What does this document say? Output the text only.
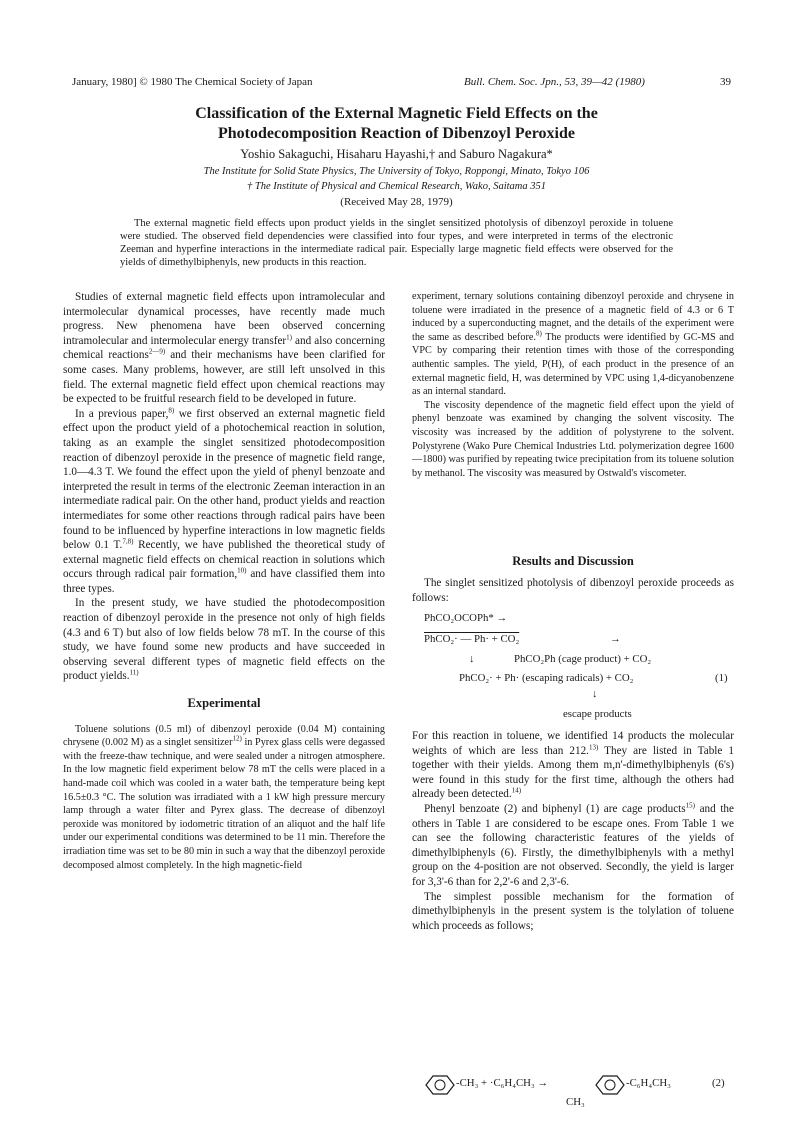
January, 1980] © 1980 The Chemical Society of Japan	Bull. Chem. Soc. Jpn., 53, 39—42 (1980)	39
Classification of the External Magnetic Field Effects on the
Photodecomposition Reaction of Dibenzoyl Peroxide
Yoshio Sakaguchi, Hisaharu Hayashi,† and Saburo Nagakura*
The Institute for Solid State Physics, The University of Tokyo, Roppongi, Minato, Tokyo 106
† The Institute of Physical and Chemical Research, Wako, Saitama 351
(Received May 28, 1979)
The external magnetic field effects upon product yields in the singlet sensitized photolysis of dibenzoyl peroxide in toluene were studied. The observed field dependencies were classified into four types, and were interpreted in terms of the electronic Zeeman and hyperfine interactions in the intermediate radical pair. Especially large magnetic field effects were observed for the yields of dimethylbiphenyls, new products in this reaction.

Studies of external magnetic field effects upon intramolecular and intermolecular dynamical processes, have recently made much progress. New phenomena have been observed concerning intramolecular and intermolecular energy transfer$^{1)}$ and also concerning chemical reactions$^{2—9)}$ and their mechanisms have been clarified for some cases. Many problems, however, are still left unsolved in this field. The external magnetic field effect upon chemical reactions may be expected to be fruitful research field to be developed in future.

In a previous paper,$^{8)}$ we first observed an external magnetic field effect upon the product yield of a photochemical reaction in solution, taking as an example the singlet sensitized photodecomposition reaction of dibenzoyl peroxide in the presence of magnetic field range, 1.0—4.3 T. We found the effect upon the yield of phenyl benzoate and interpreted the result in terms of the electronic Zeeman interaction in an intermediate radical pair. On the other hand, product yields and reaction intermediates for some other reactions through radical pairs have been found to be influenced by hyperfine interactions in low magnetic fields below 0.1 T.$^{7,8)}$ Recently, we have published the theoretical study of external magnetic field effects on chemical reaction in solutions which occurs through radical pair formation,$^{10)}$ and have classified them into three types.

In the present study, we have studied the photodecomposition reaction of dibenzoyl peroxide in the presence not only of high fields (4.3 and 6 T) but also of low fields below 78 mT. In the course of this study, we have found some new products and have succeeded in observing several different types of magnetic field effects on the product yields.$^{11)}$

Experimental

Toluene solutions (0.5 ml) of dibenzoyl peroxide (0.04 M) containing chrysene (0.002 M) as a singlet sensitizer$^{12)}$ in Pyrex glass cells were degassed with the freeze-thaw technique, and were sealed under a nitrogen atmosphere. In the low magnetic field experiment below 78 mT the cells were placed in a hand-made coil which was cooled in a water bath, the temperature being kept 16.5±0.3 °C. The solution was irradiated with a 1 kW high pressure mercury lamp through a water filter and Pyrex glass. The decrease of dibenzoyl peroxide was monitored by iodometric titration of an aliquot and the half life under our experimental conditions was determined to be 11 min. Therefore the irradiation time was set to be 80 min in such a way that the dibenzoyl peroxide decomposed almost completely. In the high magnetic-field

experiment, ternary solutions containing dibenzoyl peroxide and chrysene in toluene were irradiated in the presence of a magnetic field of 4.3 or 6 T induced by a superconducting magnet, and the details of the experiment were the same as described before.$^{8)}$ The products were identified by GC-MS and VPC by comparing their retention times with those of the corresponding authentic samples. The yield, P(H), of each product in the presence of an external magnetic field, H, was determined by VPC using 1,4-dicyanobenzene as an internal standard.

The viscosity dependence of the magnetic field effect upon the yield of phenyl benzoate was examined by changing the solvent viscosity. The viscosity was increased by the addition of polystyrene to the solvent. Polystyrene (Wako Pure Chemical Industries Ltd. polymerization degree 1600—1800) was purified by repeating twice precipitation from its toluene solution by methanol. The viscosity was measured by Ostwald's viscometer.

Results and Discussion

The singlet sensitized photolysis of dibenzoyl peroxide proceeds as follows:

PhCO₂OCOPh* →
PhCO₂· — Ph· + CO₂	→
↓	PhCO₂Ph (cage product) + CO₂
PhCO₂· + Ph· (escaping radicals) + CO₂	(1)
↓
escape products

For this reaction in toluene, we identified 14 products the molecular weights of which are less than 212.$^{13)}$ They are listed in Table 1 together with their yields. Among them m,n'-dimethylbiphenyls (6's) were found in this study for the first time, although the others had already been detected.$^{14)}$

Phenyl benzoate (2) and biphenyl (1) are cage products$^{15)}$ and the others in Table 1 are considered to be escape ones. From Table 1 we can see the following characteristic features of the yields of dimethylbiphenyls (6). Firstly, the dimethylbiphenyls with a methyl group on the 4-position are not observed. Secondly, the yield is larger for 3,3'-6 than for 2,2'-6 and 2,3'-6.

The simplest possible mechanism for the formation of dimethylbiphenyls in the present system is the tolylation of toluene which proceeds as follows;

-CH₃ + ·C₆H₄CH₃ →	-C₆H₄CH₃
CH₃
(2)
